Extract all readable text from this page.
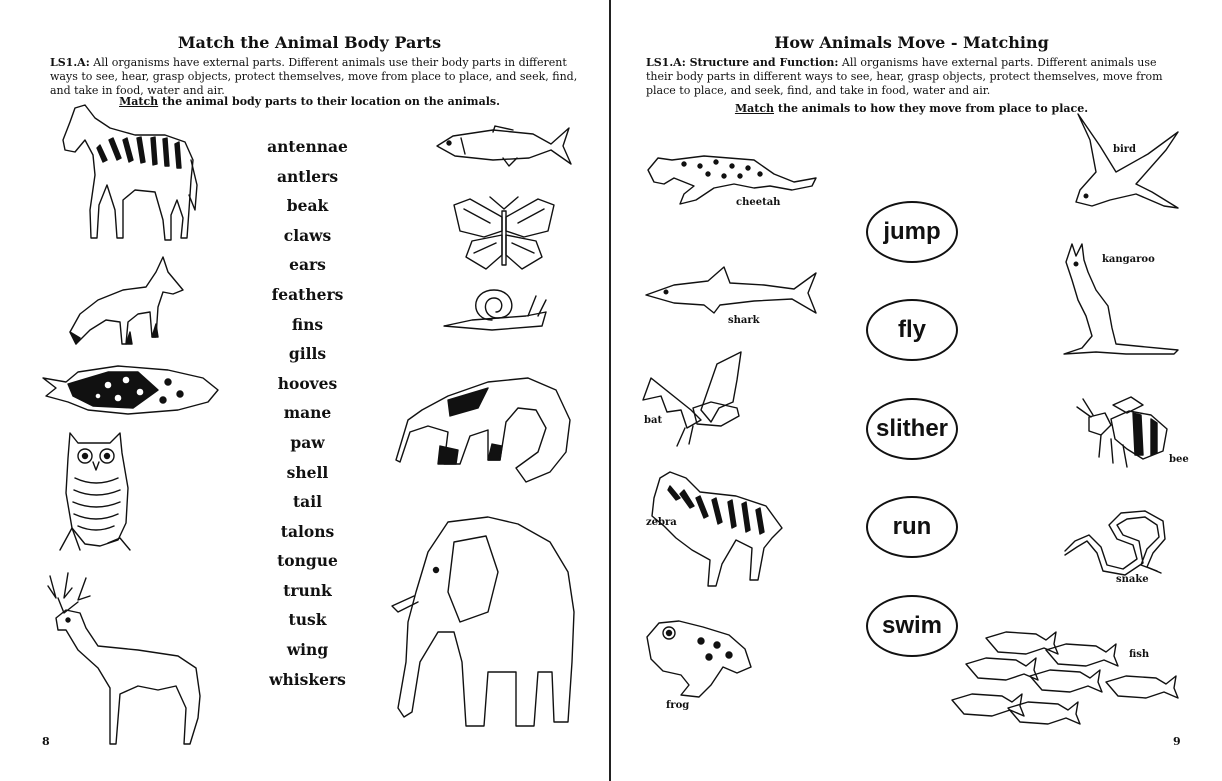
Match the Animal Body Parts
LS1.A: All organisms have external parts. Different animals use their body parts in different ways to see, hear, grasp objects, protect themselves, move from place to place, and seek, find, and take in food, water and air.
Match the animal body parts to their location on the animals.
antennae
antlers
beak
claws
ears
feathers
fins
gills
hooves
mane
paw
shell
tail
talons
tongue
trunk
tusk
wing
whiskers
8
How Animals Move - Matching
LS1.A: Structure and Function: All organisms have external parts. Different animals use their body parts in different ways to see, hear, grasp objects, protect themselves, move from place to place, and seek, find, and take in food, water and air.
Match the animals to how they move from place to place.
jump
fly
slither
run
swim
cheetah
shark
bat
zebra
frog
bird
kangaroo
bee
snake
fish
9
